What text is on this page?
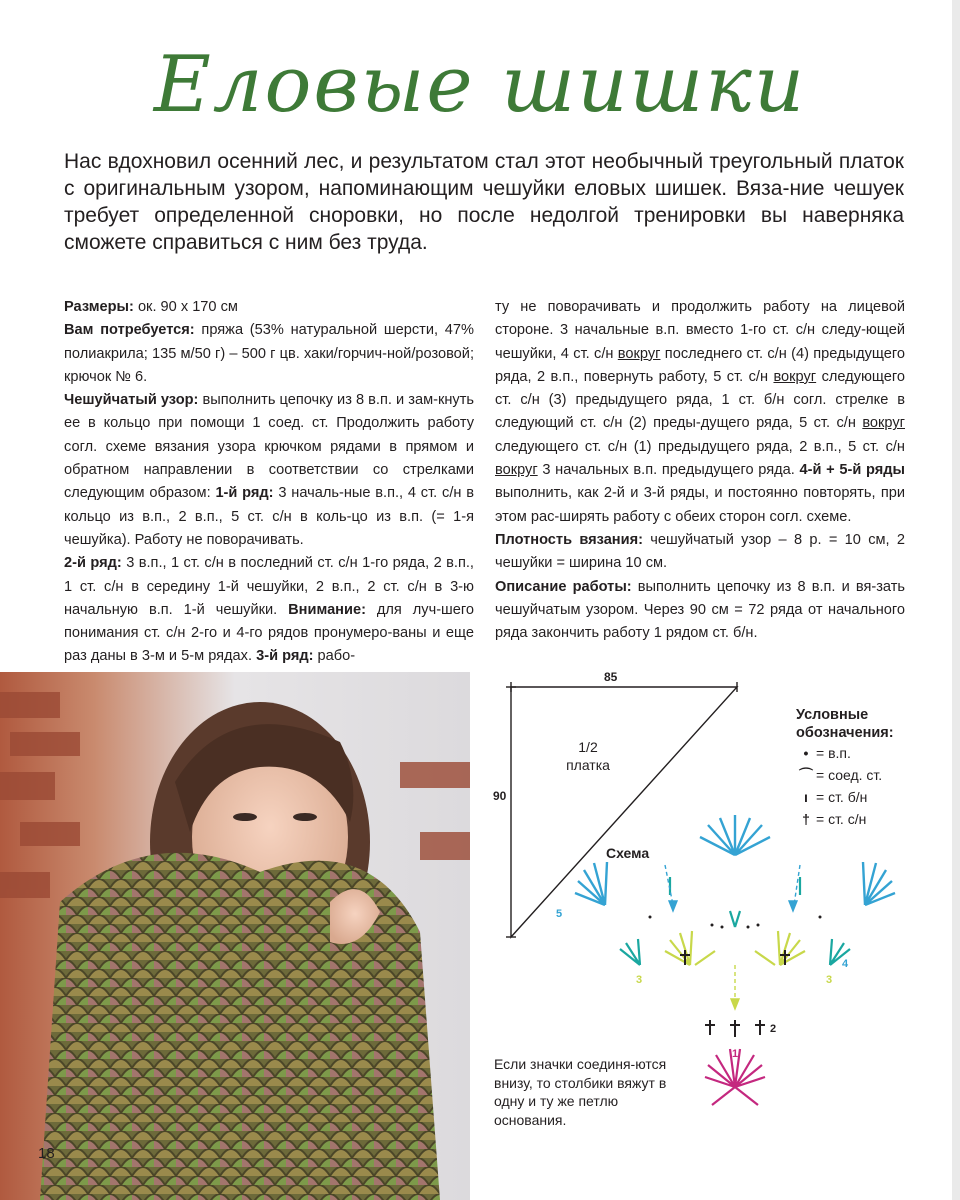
Еловые шишки
Нас вдохновил осенний лес, и результатом стал этот необычный треугольный платок с оригинальным узором, напоминающим чешуйки еловых шишек. Вяза-ние чешуек требует определенной сноровки, но после недолгой тренировки вы наверняка сможете справиться с ним без труда.

Размеры: ок. 90 x 170 см

Вам потребуется: пряжа (53% натуральной шерсти, 47% полиакрила; 135 м/50 г) – 500 г цв. хаки/горчич-ной/розовой; крючок № 6.

Чешуйчатый узор: выполнить цепочку из 8 в.п. и зам-кнуть ее в кольцо при помощи 1 соед. ст. Продолжить работу согл. схеме вязания узора крючком рядами в прямом и обратном направлении в соответствии со стрелками следующим образом: 1-й ряд: 3 началь-ные в.п., 4 ст. с/н в кольцо из в.п., 2 в.п., 5 ст. с/н в коль-цо из в.п. (= 1-я чешуйка). Работу не поворачивать.

2-й ряд: 3 в.п., 1 ст. с/н в последний ст. с/н 1-го ряда, 2 в.п., 1 ст. с/н в середину 1-й чешуйки, 2 в.п., 2 ст. с/н в 3-ю начальную в.п. 1-й чешуйки. Внимание: для луч-шего понимания ст. с/н 2-го и 4-го рядов пронумеро-ваны и еще раз даны в 3-м и 5-м рядах. 3-й ряд: рабо-

ту не поворачивать и продолжить работу на лицевой стороне. 3 начальные в.п. вместо 1-го ст. с/н следу-ющей чешуйки, 4 ст. с/н вокруг последнего ст. с/н (4) предыдущего ряда, 2 в.п., повернуть работу, 5 ст. с/н вокруг следующего ст. с/н (3) предыдущего ряда, 1 ст. б/н согл. стрелке в следующий ст. с/н (2) преды-дущего ряда, 5 ст. с/н вокруг следующего ст. с/н (1) предыдущего ряда, 2 в.п., 5 ст. с/н вокруг 3 начальных в.п. предыдущего ряда. 4-й + 5-й ряды выполнить, как 2-й и 3-й ряды, и постоянно повторять, при этом рас-ширять работу с обеих сторон согл. схеме.

Плотность вязания: чешуйчатый узор – 8 р. = 10 см, 2 чешуйки = ширина 10 см.

Описание работы: выполнить цепочку из 8 в.п. и вя-зать чешуйчатым узором. Через 90 см = 72 ряда от начального ряда закончить работу 1 рядом ст. б/н.

18
5
4
3	3
2
1
85
90
1/2
платка
Схема
Условные
обозначения:
• = в.п.
⌒ = соед. ст.
ı = ст. б/н
† = ст. с/н
Если значки соединя-ются внизу, то столбики вяжут в одну и ту же петлю основания.
